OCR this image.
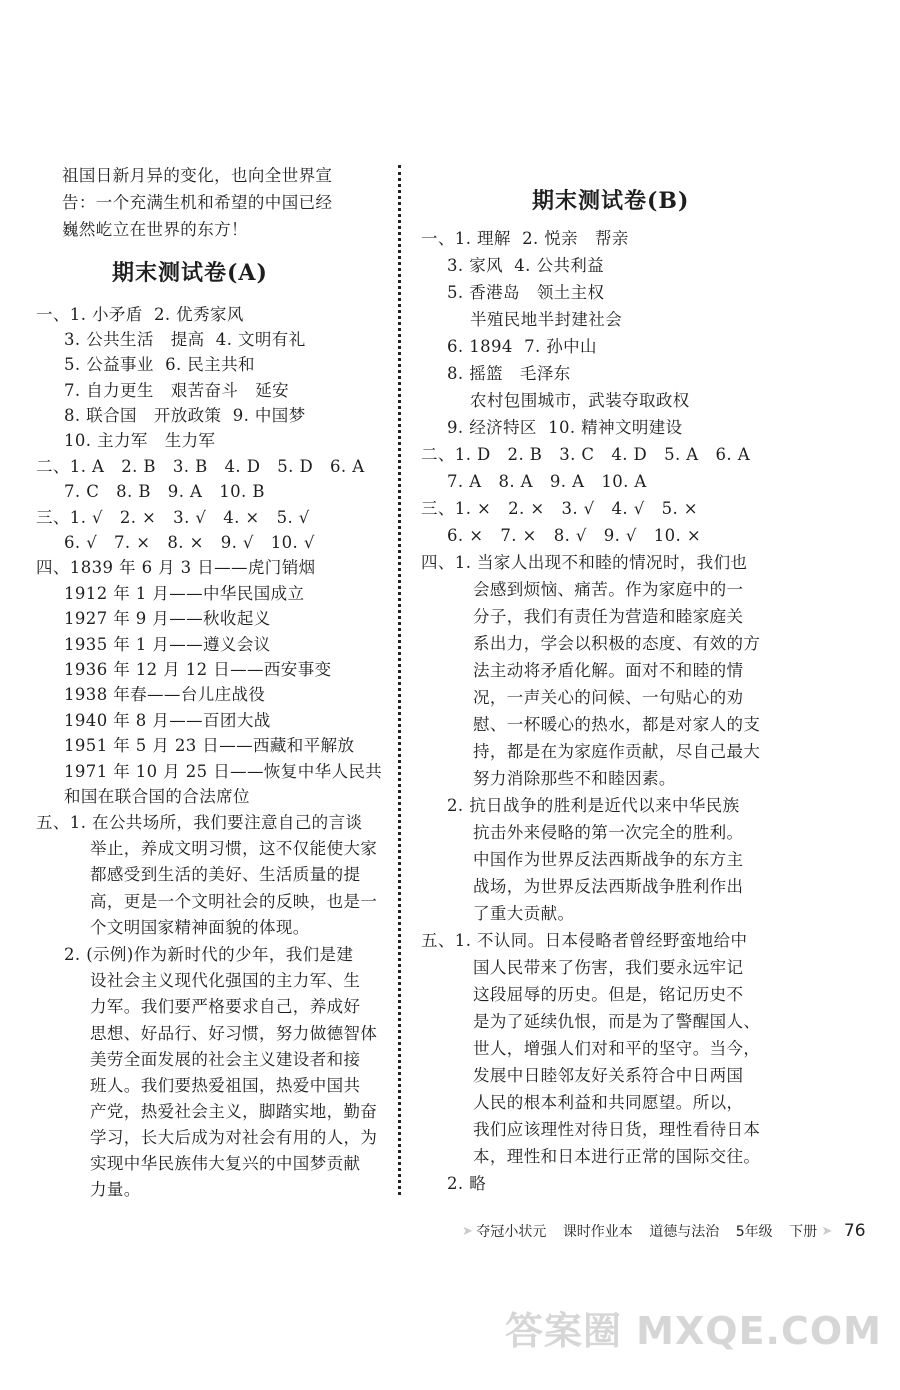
祖国日新月异的变化，也向全世界宣
告：一个充满生机和希望的中国已经
巍然屹立在世界的东方！
期末测试卷(A)
一、1. 小矛盾  2. 优秀家风
3. 公共生活   提高  4. 文明有礼
5. 公益事业  6. 民主共和
7. 自力更生   艰苦奋斗   延安
8. 联合国   开放政策  9. 中国梦
10. 主力军   生力军
二、1. A   2. B   3. B   4. D   5. D   6. A
7. C   8. B   9. A   10. B
三、1. √   2. ×   3. √   4. ×   5. √
6. √   7. ×   8. ×   9. √   10. √
四、1839 年 6 月 3 日——虎门销烟
1912 年 1 月——中华民国成立
1927 年 9 月——秋收起义
1935 年 1 月——遵义会议
1936 年 12 月 12 日——西安事变
1938 年春——台儿庄战役
1940 年 8 月——百团大战
1951 年 5 月 23 日——西藏和平解放
1971 年 10 月 25 日——恢复中华人民共
和国在联合国的合法席位
五、1. 在公共场所，我们要注意自己的言谈
举止，养成文明习惯，这不仅能使大家
都感受到生活的美好、生活质量的提
高，更是一个文明社会的反映，也是一
个文明国家精神面貌的体现。
2. (示例)作为新时代的少年，我们是建
设社会主义现代化强国的主力军、生
力军。我们要严格要求自己，养成好
思想、好品行、好习惯，努力做德智体
美劳全面发展的社会主义建设者和接
班人。我们要热爱祖国，热爱中国共
产党，热爱社会主义，脚踏实地，勤奋
学习，长大后成为对社会有用的人，为
实现中华民族伟大复兴的中国梦贡献
力量。
期末测试卷(B)
一、1. 理解  2. 悦亲   帮亲
3. 家风  4. 公共利益
5. 香港岛   领土主权
半殖民地半封建社会
6. 1894  7. 孙中山
8. 摇篮   毛泽东
农村包围城市，武装夺取政权
9. 经济特区  10. 精神文明建设
二、1. D   2. B   3. C   4. D   5. A   6. A
7. A   8. A   9. A   10. A
三、1. ×   2. ×   3. √   4. √   5. ×
6. ×   7. ×   8. √   9. √   10. ×
四、1. 当家人出现不和睦的情况时，我们也
会感到烦恼、痛苦。作为家庭中的一
分子，我们有责任为营造和睦家庭关
系出力，学会以积极的态度、有效的方
法主动将矛盾化解。面对不和睦的情
况，一声关心的问候、一句贴心的劝
慰、一杯暖心的热水，都是对家人的支
持，都是在为家庭作贡献，尽自己最大
努力消除那些不和睦因素。
2. 抗日战争的胜利是近代以来中华民族
抗击外来侵略的第一次完全的胜利。
中国作为世界反法西斯战争的东方主
战场，为世界反法西斯战争胜利作出
了重大贡献。
五、1. 不认同。日本侵略者曾经野蛮地给中
国人民带来了伤害，我们要永远牢记
这段屈辱的历史。但是，铭记历史不
是为了延续仇恨，而是为了警醒国人、
世人，增强人们对和平的坚守。当今，
发展中日睦邻友好关系符合中日两国
人民的根本利益和共同愿望。所以，
我们应该理性对待日货，理性看待日本
本，理性和日本进行正常的国际交往。
2. 略
➤ 夺冠小状元 课时作业本 道德与法治 5年级 下册 ➤ 76
答案圈 MXQE.COM
